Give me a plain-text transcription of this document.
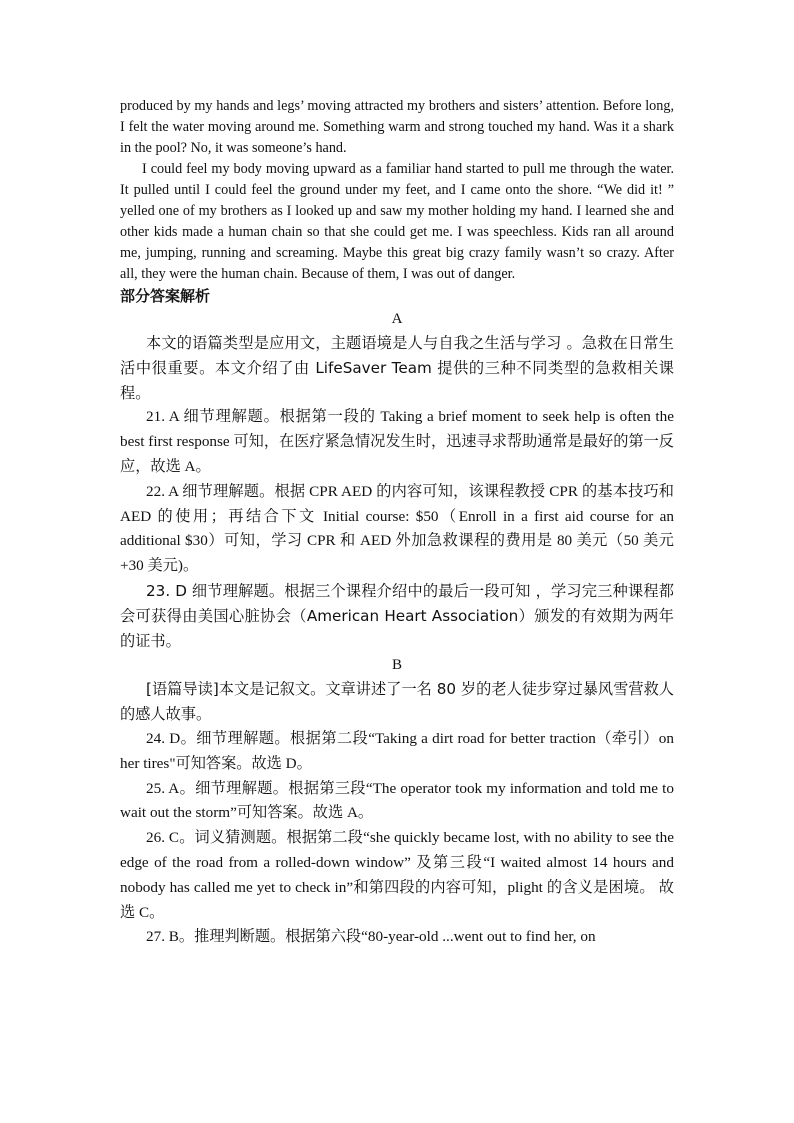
produced by my hands and legs’ moving attracted my brothers and sisters’ attention. Before long, I felt the water moving around me. Something warm and strong touched my hand. Was it a shark in the pool? No, it was someone’s hand.

I could feel my body moving upward as a familiar hand started to pull me through the water. It pulled until I could feel the ground under my feet, and I came onto the shore. “We did it! ” yelled one of my brothers as I looked up and saw my mother holding my hand. I learned she and other kids made a human chain so that she could get me. I was speechless. Kids ran all around me, jumping, running and screaming. Maybe this great big crazy family wasn’t so crazy. After all, they were the human chain. Because of them, I was out of danger.

部分答案解析

A

本文的语篇类型是应用文，主题语境是人与自我之生活与学习 。急救在日常生活中很重要。本文介绍了由 LifeSaver Team 提供的三种不同类型的急救相关课程。

21. A 细节理解题。根据第一段的 Taking a brief moment to seek help is often the best first response 可知，在医疗紧急情况发生时，迅速寻求帮助通常是最好的第一反应，故选 A。

22. A 细节理解题。根据 CPR AED 的内容可知，该课程教授 CPR 的基本技巧和 AED 的使用；再结合下文 Initial course: $50（Enroll in a first aid course for an additional $30）可知，学习 CPR 和 AED 外加急救课程的费用是 80 美元（50 美元+30 美元)。

23. D 细节理解题。根据三个课程介绍中的最后一段可知 ，学习完三种课程都会可获得由美国心脏协会（American Heart Association）颁发的有效期为两年的证书。

B

[语篇导读]本文是记叙文。文章讲述了一名 80 岁的老人徒步穿过暴风雪营救人的感人故事。

24. D。细节理解题。根据第二段“Taking a dirt road for better traction（牵引）on her tires"可知答案。故选 D。

25. A。细节理解题。根据第三段“The operator took my information and told me to wait out the storm”可知答案。故选 A。

26. C。词义猜测题。根据第二段“she quickly became lost, with no ability to see the edge of the road from a rolled-down window” 及第三段“I waited almost 14 hours and nobody has called me yet to check in”和第四段的内容可知，plight 的含义是困境。 故选 C。

27. B。推理判断题。根据第六段“80-year-old ...went out to find her, on
